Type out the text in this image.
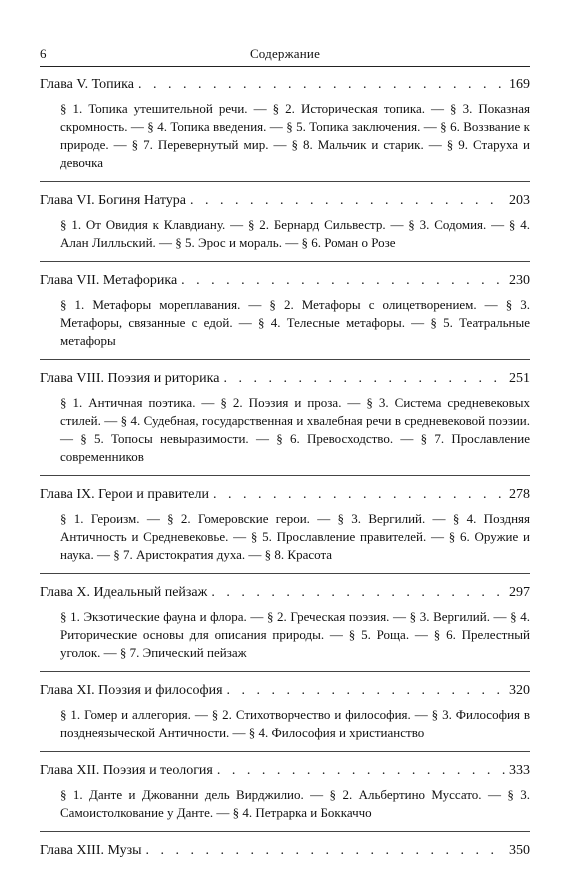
6	Содержание
Глава V. Топика . . .	169
§ 1. Топика утешительной речи. — § 2. Историческая топика. — § 3. Показная скромность. — § 4. Топика введения. — § 5. Топика заключения. — § 6. Воззвание к природе. — § 7. Перевернутый мир. — § 8. Мальчик и старик. — § 9. Старуха и девочка
Глава VI. Богиня Натура . . .	203
§ 1. От Овидия к Клавдиану. — § 2. Бернард Сильвестр. — § 3. Содомия. — § 4. Алан Лилльский. — § 5. Эрос и мораль. — § 6. Роман о Розе
Глава VII. Метафорика . . .	230
§ 1. Метафоры мореплавания. — § 2. Метафоры с олицетворением. — § 3. Метафоры, связанные с едой. — § 4. Телесные метафоры. — § 5. Театральные метафоры
Глава VIII. Поэзия и риторика . . .	251
§ 1. Античная поэтика. — § 2. Поэзия и проза. — § 3. Система средневековых стилей. — § 4. Судебная, государственная и хвалебная речи в средневековой поэзии. — § 5. Топосы невыразимости. — § 6. Превосходство. — § 7. Прославление современников
Глава IX. Герои и правители . . .	278
§ 1. Героизм. — § 2. Гомеровские герои. — § 3. Вергилий. — § 4. Поздняя Античность и Средневековье. — § 5. Прославление правителей. — § 6. Оружие и наука. — § 7. Аристократия духа. — § 8. Красота
Глава X. Идеальный пейзаж . . .	297
§ 1. Экзотические фауна и флора. — § 2. Греческая поэзия. — § 3. Вергилий. — § 4. Риторические основы для описания природы. — § 5. Роща. — § 6. Прелестный уголок. — § 7. Эпический пейзаж
Глава XI. Поэзия и философия . . .	320
§ 1. Гомер и аллегория. — § 2. Стихотворчество и философия. — § 3. Философия в позднеязыческой Античности. — § 4. Философия и христианство
Глава XII. Поэзия и теология . . .	333
§ 1. Данте и Джованни дель Вирджилио. — § 2. Альбертино Муссато. — § 3. Самоистолкование у Данте. — § 4. Петрарка и Боккаччо
Глава XIII. Музы . . .	350
